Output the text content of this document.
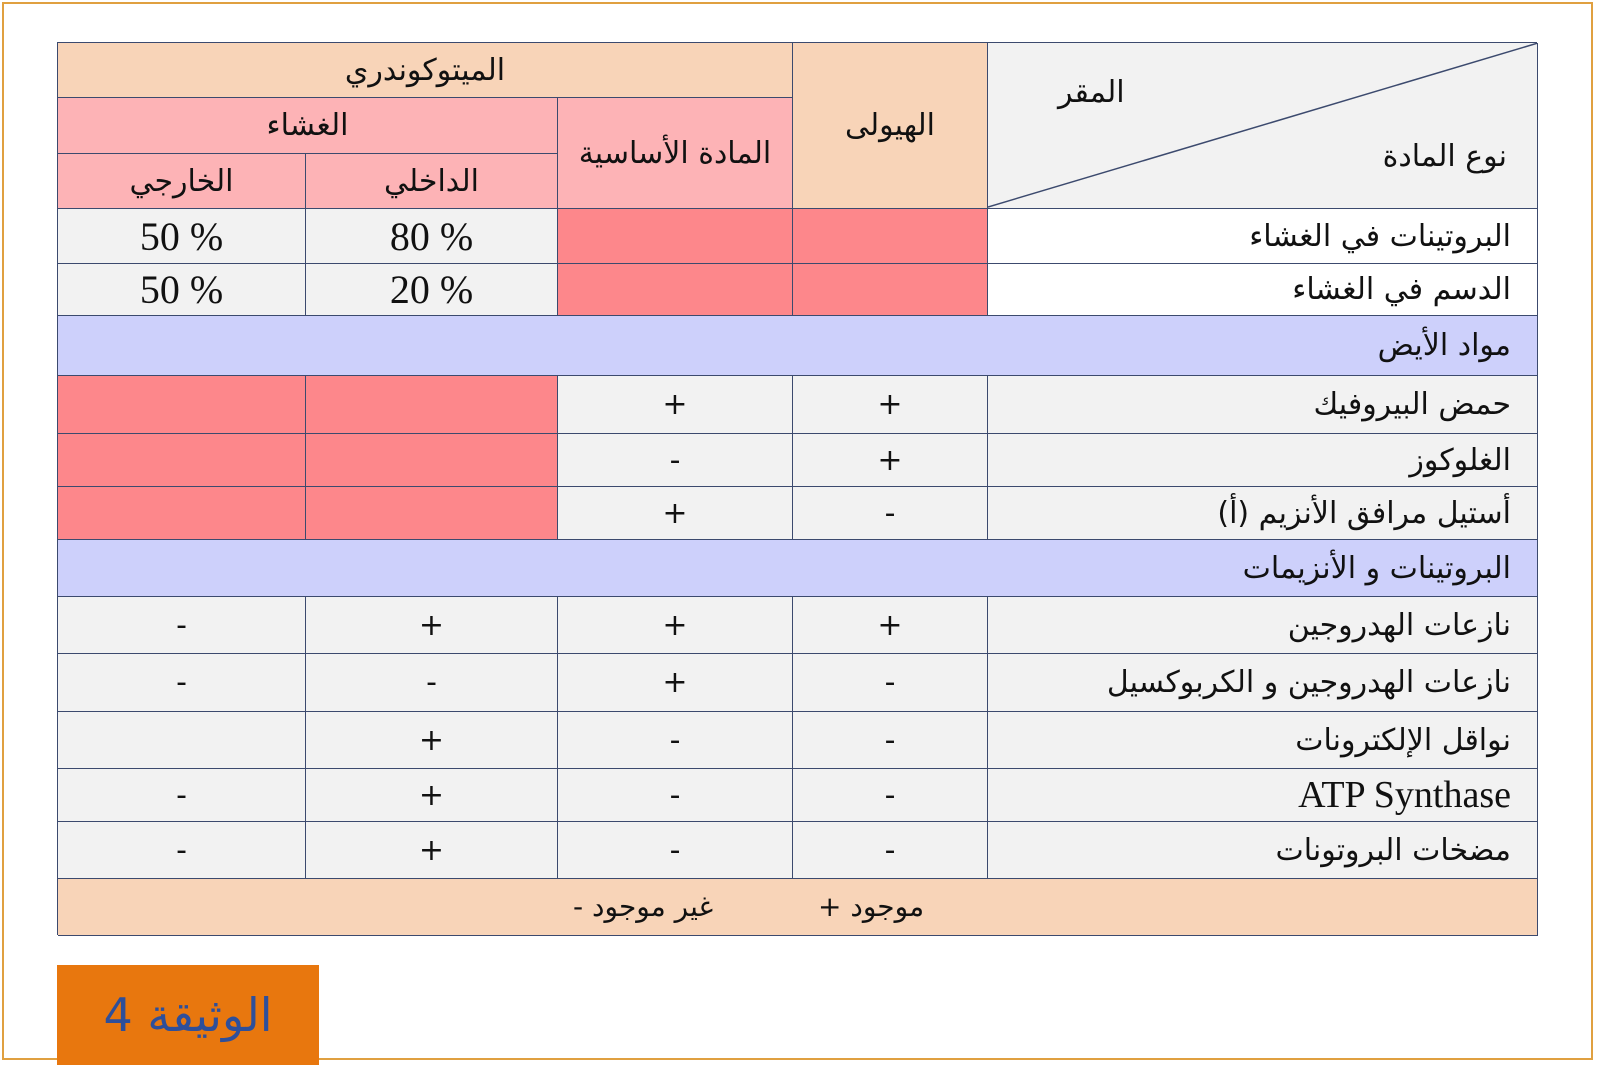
المقر
نوع المادة
الهيولى
الميتوكوندري
المادة الأساسية
الغشاء
الداخلي
الخارجي
البروتينات في الغشاء
80 %
50 %
الدسم في الغشاء
20 %
50 %
مواد الأيض
حمض البيروفيك
+
+
الغلوكوز
+
-
أستيل مرافق الأنزيم (أ)
-
+
البروتينات و الأنزيمات
نازعات الهدروجين
+
+
+
-
نازعات الهدروجين و الكربوكسيل
-
+
-
-
نواقل الإلكترونات
-
-
+
ATP Synthase
-
-
+
-
مضخات البروتونات
-
-
+
-
+ موجود
- غير موجود
الوثيقة 4
